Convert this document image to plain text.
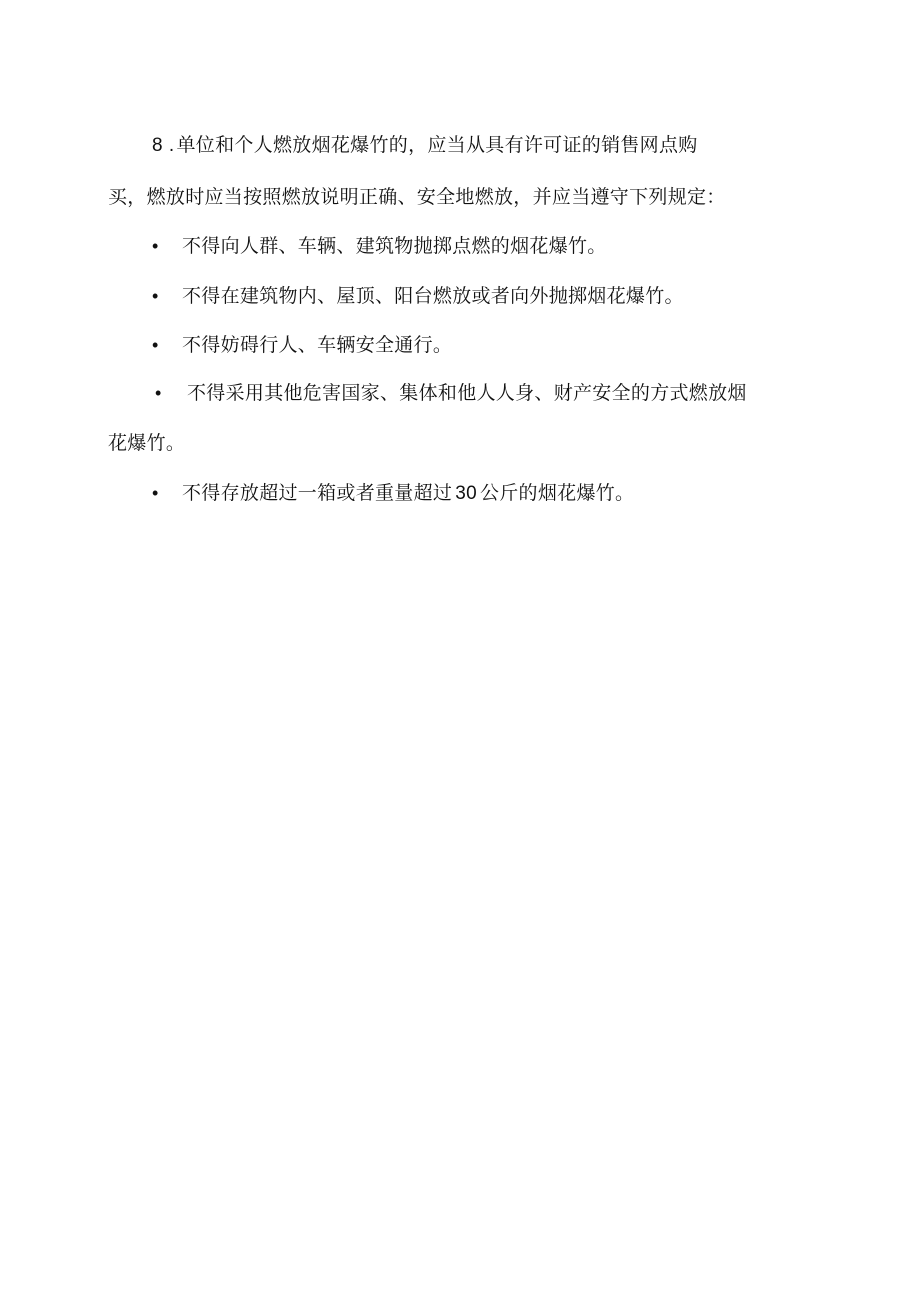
8 . 单位和个人燃放烟花爆竹的，应当从具有许可证的销售网点购
买，燃放时应当按照燃放说明正确、安全地燃放，并应当遵守下列规定：
• 不得向人群、车辆、建筑物抛掷点燃的烟花爆竹。
• 不得在建筑物内、屋顶、阳台燃放或者向外抛掷烟花爆竹。
• 不得妨碍行人、车辆安全通行。
• 不得采用其他危害国家、集体和他人人身、财产安全的方式燃放烟
花爆竹。
• 不得存放超过一箱或者重量超过 30 公斤的烟花爆竹。
